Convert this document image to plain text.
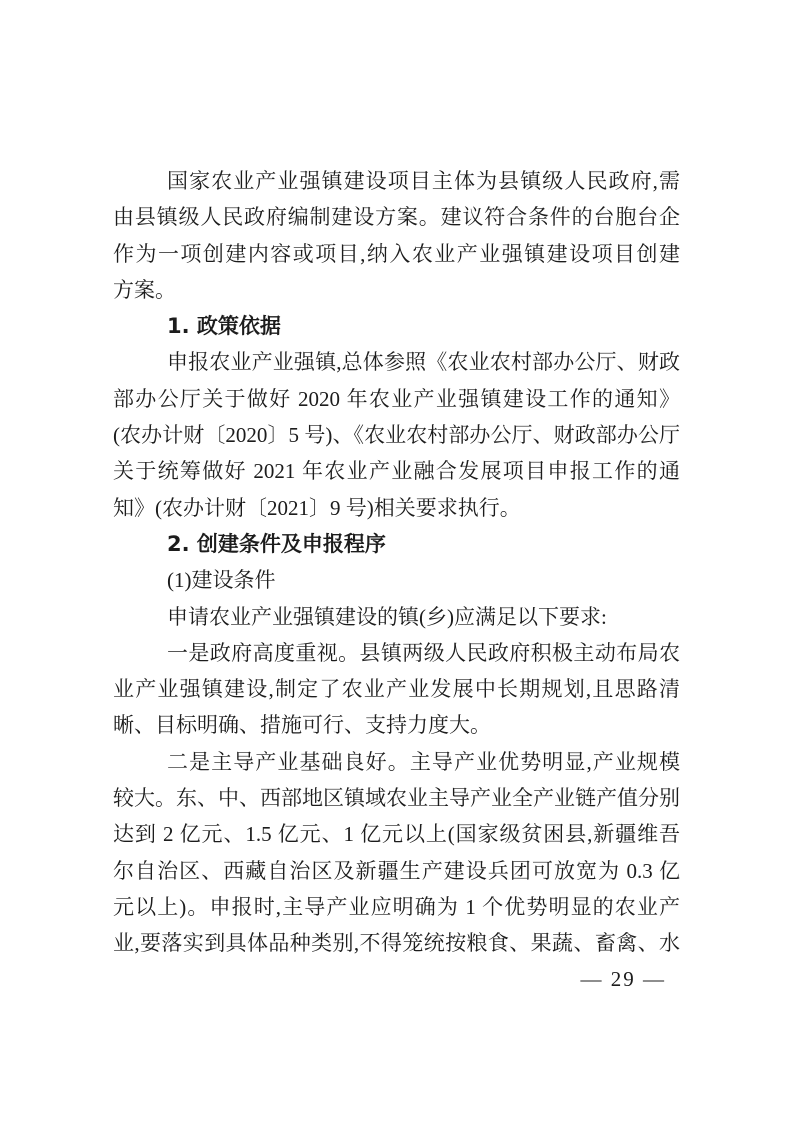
国家农业产业强镇建设项目主体为县镇级人民政府,需
由县镇级人民政府编制建设方案。建议符合条件的台胞台企
作为一项创建内容或项目,纳入农业产业强镇建设项目创建
方案。
1. 政策依据
申报农业产业强镇,总体参照《农业农村部办公厅、财政
部办公厅关于做好 2020 年农业产业强镇建设工作的通知》
(农办计财〔2020〕5 号)、《农业农村部办公厅、财政部办公厅
关于统筹做好 2021 年农业产业融合发展项目申报工作的通
知》(农办计财〔2021〕9 号)相关要求执行。
2. 创建条件及申报程序
(1)建设条件
申请农业产业强镇建设的镇(乡)应满足以下要求:
一是政府高度重视。县镇两级人民政府积极主动布局农
业产业强镇建设,制定了农业产业发展中长期规划,且思路清
晰、目标明确、措施可行、支持力度大。
二是主导产业基础良好。主导产业优势明显,产业规模
较大。东、中、西部地区镇域农业主导产业全产业链产值分别
达到 2 亿元、1.5 亿元、1 亿元以上(国家级贫困县,新疆维吾
尔自治区、西藏自治区及新疆生产建设兵团可放宽为 0.3 亿
元以上)。申报时,主导产业应明确为 1 个优势明显的农业产
业,要落实到具体品种类别,不得笼统按粮食、果蔬、畜禽、水
— 29 —
